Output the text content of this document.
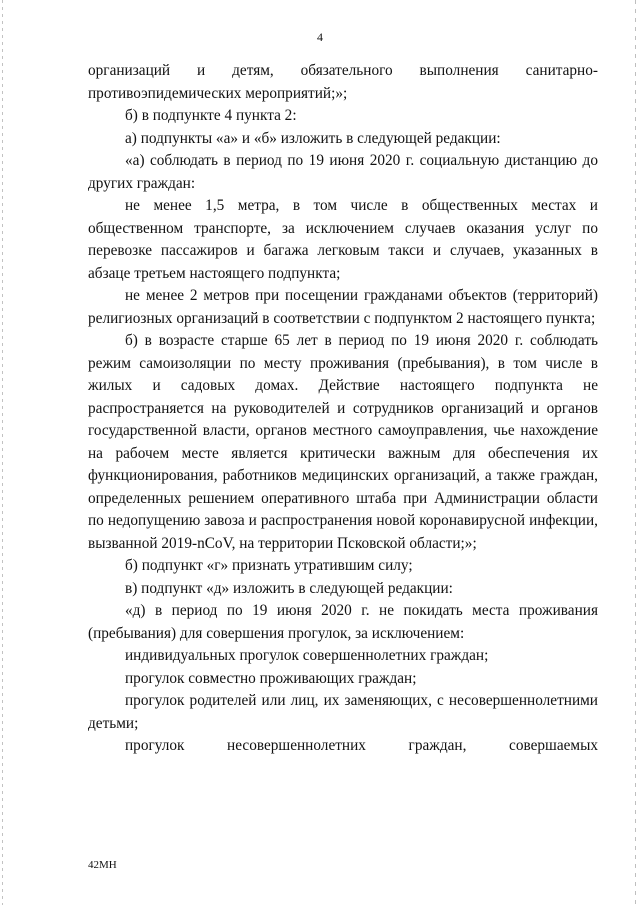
4

организаций и детям, обязательного выполнения санитарно-противоэпидемических мероприятий;»;

б) в подпункте 4 пункта 2:

а) подпункты «а» и «б» изложить в следующей редакции:

«а) соблюдать в период по 19 июня 2020 г. социальную дистанцию до других граждан:

не менее 1,5 метра, в том числе в общественных местах и общественном транспорте, за исключением случаев оказания услуг по перевозке пассажиров и багажа легковым такси и случаев, указанных в абзаце третьем настоящего подпункта;

не менее 2 метров при посещении гражданами объектов (территорий) религиозных организаций в соответствии с подпунктом 2 настоящего пункта;

б) в возрасте старше 65 лет в период по 19 июня 2020 г. соблюдать режим самоизоляции по месту проживания (пребывания), в том числе в жилых и садовых домах. Действие настоящего подпункта не распространяется на руководителей и сотрудников организаций и органов государственной власти, органов местного самоуправления, чье нахождение на рабочем месте является критически важным для обеспечения их функционирования, работников медицинских организаций, а также граждан, определенных решением оперативного штаба при Администрации области по недопущению завоза и распространения новой коронавирусной инфекции, вызванной 2019-nCoV, на территории Псковской области;»;

б) подпункт «г» признать утратившим силу;

в) подпункт «д» изложить в следующей редакции:

«д) в период по 19 июня 2020 г. не покидать места проживания (пребывания) для совершения прогулок, за исключением:

индивидуальных прогулок совершеннолетних граждан;

прогулок совместно проживающих граждан;

прогулок родителей или лиц, их заменяющих, с несовершеннолетними детьми;

прогулок несовершеннолетних граждан, совершаемых

42МН
